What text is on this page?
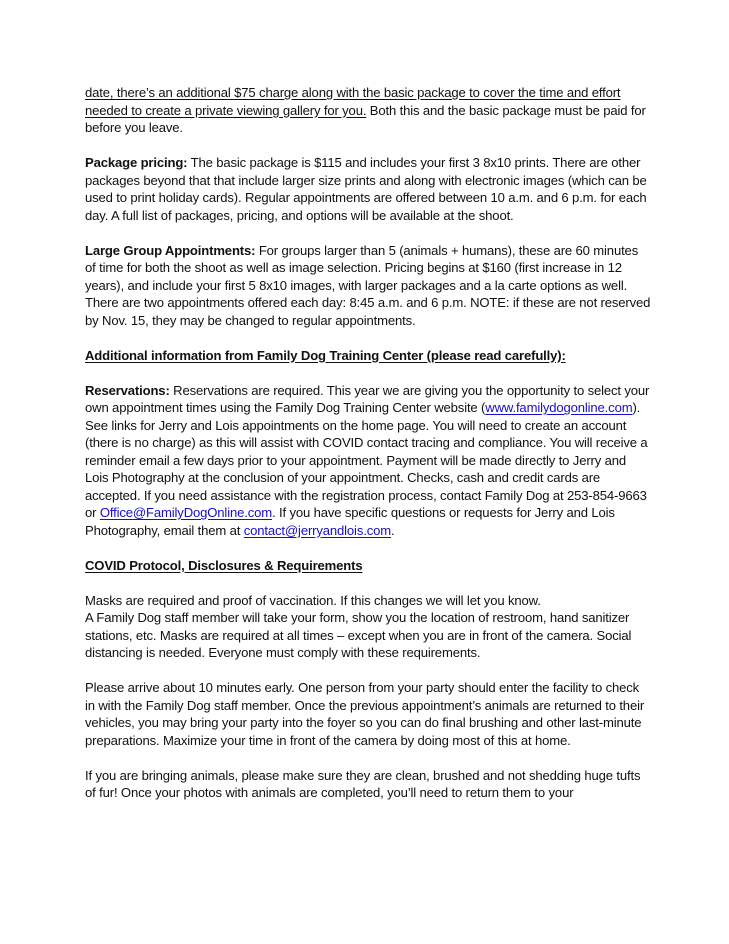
date, there’s an additional $75 charge along with the basic package to cover the time and effort needed to create a private viewing gallery for you. Both this and the basic package must be paid for before you leave.

Package pricing: The basic package is $115 and includes your first 3 8x10 prints. There are other packages beyond that that include larger size prints and along with electronic images (which can be used to print holiday cards). Regular appointments are offered between 10 a.m. and 6 p.m. for each day. A full list of packages, pricing, and options will be available at the shoot.

Large Group Appointments: For groups larger than 5 (animals + humans), these are 60 minutes of time for both the shoot as well as image selection. Pricing begins at $160 (first increase in 12 years), and include your first 5 8x10 images, with larger packages and a la carte options as well. There are two appointments offered each day: 8:45 a.m. and 6 p.m. NOTE: if these are not reserved by Nov. 15, they may be changed to regular appointments.

Additional information from Family Dog Training Center (please read carefully):

Reservations: Reservations are required. This year we are giving you the opportunity to select your own appointment times using the Family Dog Training Center website (www.familydogonline.com). See links for Jerry and Lois appointments on the home page. You will need to create an account (there is no charge) as this will assist with COVID contact tracing and compliance. You will receive a reminder email a few days prior to your appointment. Payment will be made directly to Jerry and Lois Photography at the conclusion of your appointment. Checks, cash and credit cards are accepted. If you need assistance with the registration process, contact Family Dog at 253-854-9663 or Office@FamilyDogOnline.com. If you have specific questions or requests for Jerry and Lois Photography, email them at contact@jerryandlois.com.

COVID Protocol, Disclosures & Requirements

Masks are required and proof of vaccination. If this changes we will let you know.

A Family Dog staff member will take your form, show you the location of restroom, hand sanitizer stations, etc. Masks are required at all times – except when you are in front of the camera. Social distancing is needed. Everyone must comply with these requirements.

Please arrive about 10 minutes early. One person from your party should enter the facility to check in with the Family Dog staff member. Once the previous appointment’s animals are returned to their vehicles, you may bring your party into the foyer so you can do final brushing and other last-minute preparations. Maximize your time in front of the camera by doing most of this at home.

If you are bringing animals, please make sure they are clean, brushed and not shedding huge tufts of fur! Once your photos with animals are completed, you’ll need to return them to your
